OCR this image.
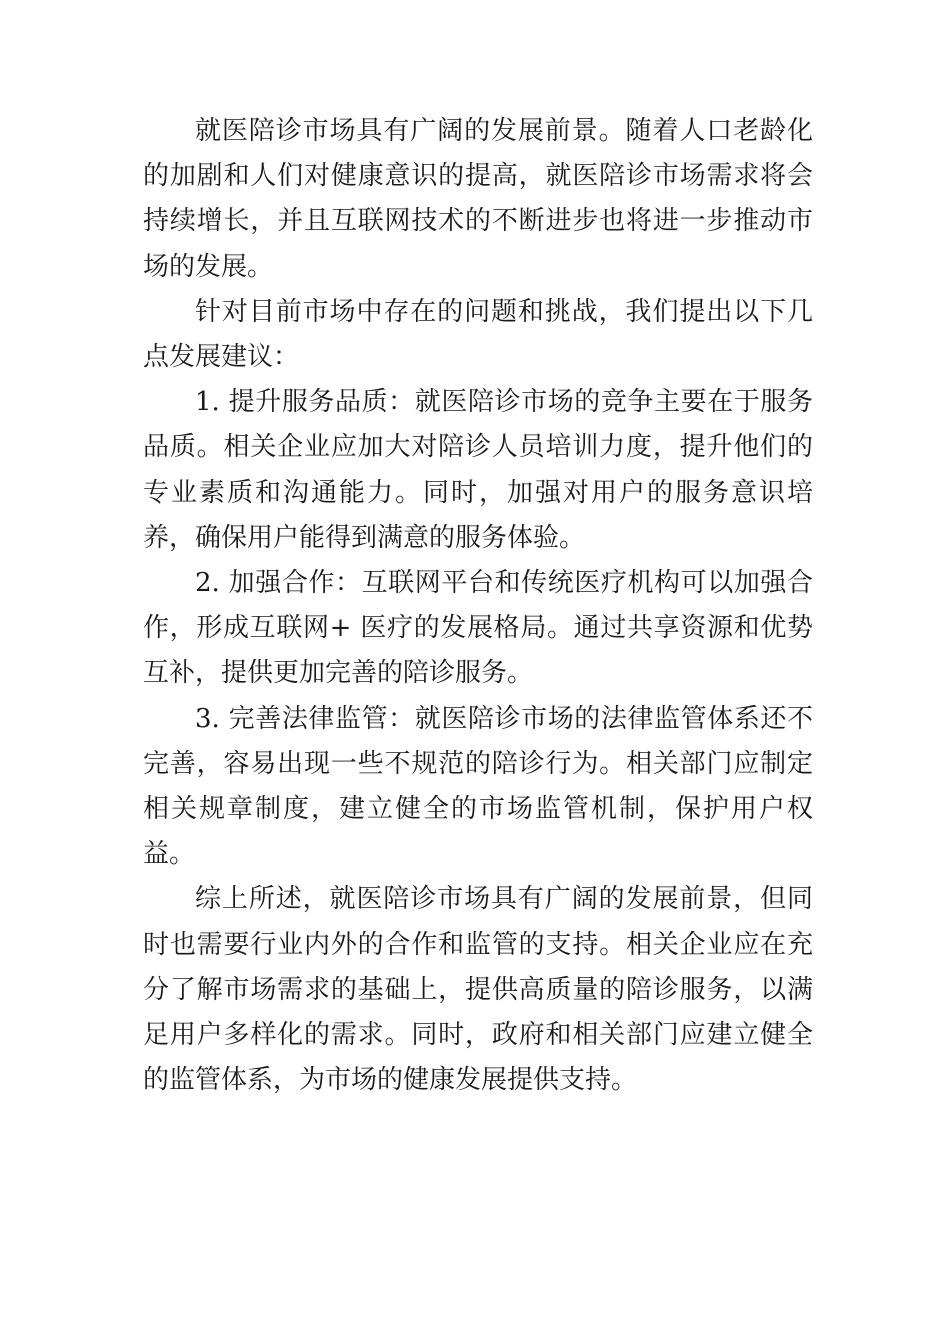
就医陪诊市场具有广阔的发展前景。随着人口老龄化的加剧和人们对健康意识的提高，就医陪诊市场需求将会持续增长，并且互联网技术的不断进步也将进一步推动市场的发展。

针对目前市场中存在的问题和挑战，我们提出以下几点发展建议：

1. 提升服务品质：就医陪诊市场的竞争主要在于服务品质。相关企业应加大对陪诊人员培训力度，提升他们的专业素质和沟通能力。同时，加强对用户的服务意识培养，确保用户能得到满意的服务体验。

2. 加强合作：互联网平台和传统医疗机构可以加强合作，形成互联网+ 医疗的发展格局。通过共享资源和优势互补，提供更加完善的陪诊服务。

3. 完善法律监管：就医陪诊市场的法律监管体系还不完善，容易出现一些不规范的陪诊行为。相关部门应制定相关规章制度，建立健全的市场监管机制，保护用户权益。

综上所述，就医陪诊市场具有广阔的发展前景，但同时也需要行业内外的合作和监管的支持。相关企业应在充分了解市场需求的基础上，提供高质量的陪诊服务，以满足用户多样化的需求。同时，政府和相关部门应建立健全的监管体系，为市场的健康发展提供支持。
